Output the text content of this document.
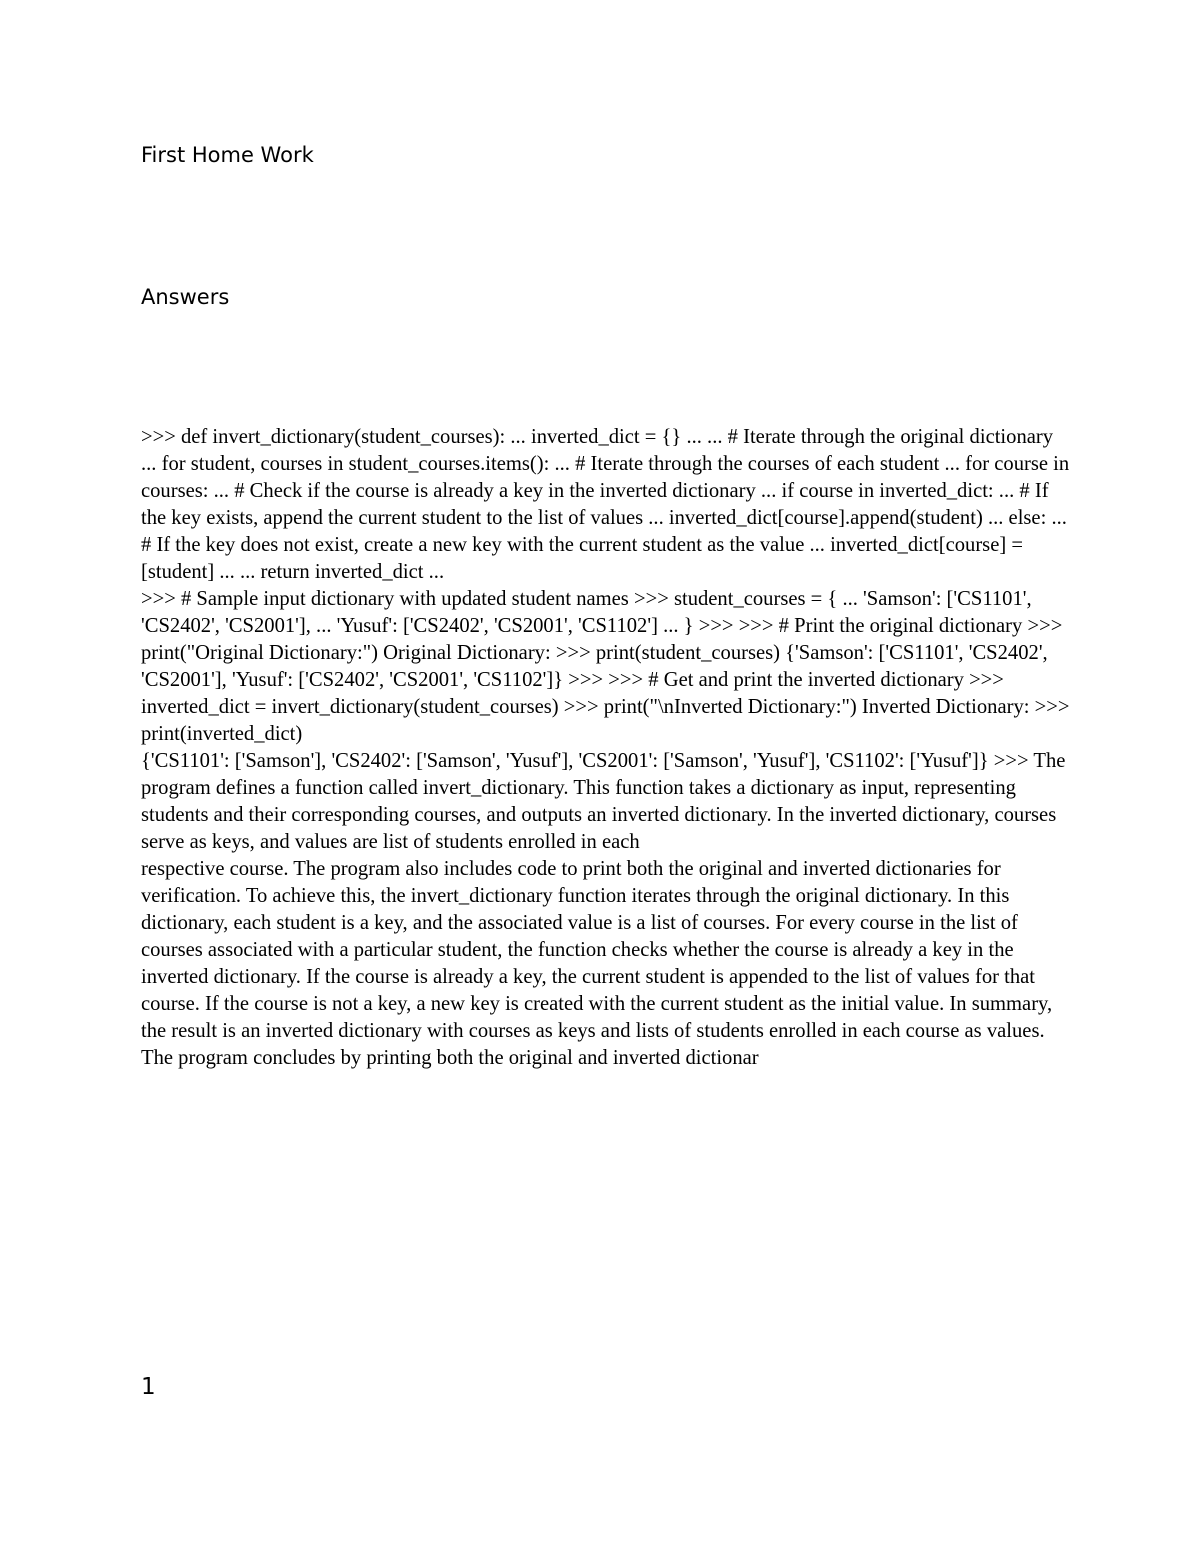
First Home Work
Answers

>>> def invert_dictionary(student_courses): ... inverted_dict = {} ... ... # Iterate through the original dictionary ... for student, courses in student_courses.items(): ... # Iterate through the courses of each student ... for course in courses: ... # Check if the course is already a key in the inverted dictionary ... if course in inverted_dict: ... # If the key exists, append the current student to the list of values ... inverted_dict[course].append(student) ... else: ... # If the key does not exist, create a new key with the current student as the value ... inverted_dict[course] = [student] ... ... return inverted_dict ...

>>> # Sample input dictionary with updated student names >>> student_courses = { ... 'Samson': ['CS1101', 'CS2402', 'CS2001'], ... 'Yusuf': ['CS2402', 'CS2001', 'CS1102'] ... } >>> >>> # Print the original dictionary >>> print("Original Dictionary:") Original Dictionary: >>> print(student_courses) {'Samson': ['CS1101', 'CS2402', 'CS2001'], 'Yusuf': ['CS2402', 'CS2001', 'CS1102']} >>> >>> # Get and print the inverted dictionary >>> inverted_dict = invert_dictionary(student_courses) >>> print("\nInverted Dictionary:") Inverted Dictionary: >>> print(inverted_dict)

{'CS1101': ['Samson'], 'CS2402': ['Samson', 'Yusuf'], 'CS2001': ['Samson', 'Yusuf'], 'CS1102': ['Yusuf']} >>> The program defines a function called invert_dictionary. This function takes a dictionary as input, representing students and their corresponding courses, and outputs an inverted dictionary. In the inverted dictionary, courses serve as keys, and values are list of students enrolled in each

respective course. The program also includes code to print both the original and inverted dictionaries for verification. To achieve this, the invert_dictionary function iterates through the original dictionary. In this dictionary, each student is a key, and the associated value is a list of courses. For every course in the list of courses associated with a particular student, the function checks whether the course is already a key in the inverted dictionary. If the course is already a key, the current student is appended to the list of values for that course. If the course is not a key, a new key is created with the current student as the initial value. In summary, the result is an inverted dictionary with courses as keys and lists of students enrolled in each course as values. The program concludes by printing both the original and inverted dictionar

1
